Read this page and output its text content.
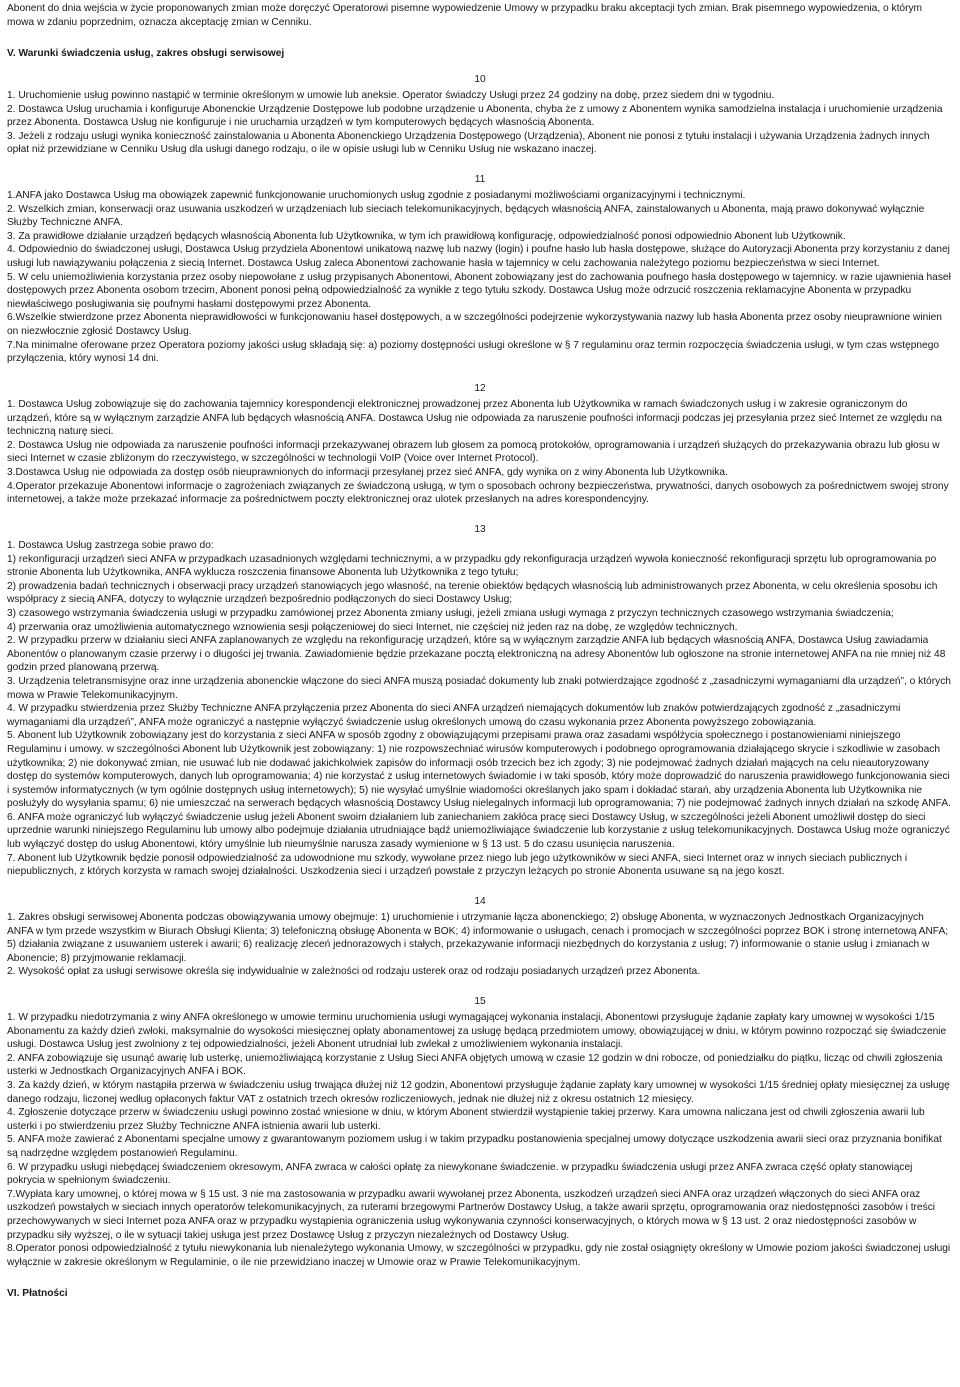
Abonent do dnia wejścia w życie proponowanych zmian może doręczyć Operatorowi pisemne wypowiedzenie Umowy w przypadku braku akceptacji tych zmian. Brak pisemnego wypowiedzenia, o którym mowa w zdaniu poprzednim, oznacza akceptację zmian w Cenniku.

V. Warunki świadczenia usług, zakres obsługi serwisowej
10

1. Uruchomienie usług powinno nastąpić w terminie określonym w umowie lub aneksie. Operator świadczy Usługi przez 24 godziny na dobę, przez siedem dni w tygodniu.

2. Dostawca Usług uruchamia i konfiguruje Abonenckie Urządzenie Dostępowe lub podobne urządzenie u Abonenta, chyba że z umowy z Abonentem wynika samodzielna instalacja i uruchomienie urządzenia przez Abonenta. Dostawca Usług nie konfiguruje i nie uruchamia urządzeń w tym komputerowych będących własnością Abonenta.

3. Jeżeli z rodzaju usługi wynika konieczność zainstalowania u Abonenta Abonenckiego Urządzenia Dostępowego (Urządzenia), Abonent nie ponosi z tytułu instalacji i używania Urządzenia żadnych innych opłat niż przewidziane w Cenniku Usług dla usługi danego rodzaju, o ile w opisie usługi lub w Cenniku Usług nie wskazano inaczej.

11

1.ANFA jako Dostawca Usług ma obowiązek zapewnić funkcjonowanie uruchomionych usług zgodnie z posiadanymi możliwościami organizacyjnymi i technicznymi.

2. Wszelkich zmian, konserwacji oraz usuwania uszkodzeń w urządzeniach lub sieciach telekomunikacyjnych, będących własnością ANFA, zainstalowanych u Abonenta, mają prawo dokonywać wyłącznie Służby Techniczne ANFA.

3. Za prawidłowe działanie urządzeń będących własnością Abonenta lub Użytkownika, w tym ich prawidłową konfigurację, odpowiedzialność ponosi odpowiednio Abonent lub Użytkownik.

4. Odpowiednio do świadczonej usługi, Dostawca Usług przydziela Abonentowi unikatową nazwę lub nazwy (login) i poufne hasło lub hasła dostępowe, służące do Autoryzacji Abonenta przy korzystaniu z danej usługi lub nawiązywaniu połączenia z siecią Internet. Dostawca Usług zaleca Abonentowi zachowanie hasła w tajemnicy w celu zachowania należytego poziomu bezpieczeństwa w sieci Internet.

5. W celu uniemożliwienia korzystania przez osoby niepowołane z usług przypisanych Abonentowi, Abonent zobowiązany jest do zachowania poufnego hasła dostępowego w tajemnicy. w razie ujawnienia haseł dostępowych przez Abonenta osobom trzecim, Abonent ponosi pełną odpowiedzialność za wynikłe z tego tytułu szkody. Dostawca Usług może odrzucić roszczenia reklamacyjne Abonenta w przypadku niewłaściwego posługiwania się poufnymi hasłami dostępowymi przez Abonenta.

6.Wszelkie stwierdzone przez Abonenta nieprawidłowości w funkcjonowaniu haseł dostępowych, a w szczególności podejrzenie wykorzystywania nazwy lub hasła Abonenta przez osoby nieuprawnione winien on niezwłocznie zgłosić Dostawcy Usług.

7.Na minimalne oferowane przez Operatora poziomy jakości usług składają się: a) poziomy dostępności usługi określone w § 7 regulaminu oraz termin rozpoczęcia świadczenia usługi, w tym czas wstępnego przyłączenia, który wynosi 14 dni.

12

1. Dostawca Usług zobowiązuje się do zachowania tajemnicy korespondencji elektronicznej prowadzonej przez Abonenta lub Użytkownika w ramach świadczonych usług i w zakresie ograniczonym do urządzeń, które są w wyłącznym zarządzie ANFA lub będących własnością ANFA. Dostawca Usług nie odpowiada za naruszenie poufności informacji podczas jej przesyłania przez sieć Internet ze względu na techniczną naturę sieci.

2. Dostawca Usług nie odpowiada za naruszenie poufności informacji przekazywanej obrazem lub głosem za pomocą protokołów, oprogramowania i urządzeń służących do przekazywania obrazu lub głosu w sieci Internet w czasie zbliżonym do rzeczywistego, w szczególności w technologii VoIP (Voice over Internet Protocol).

3.Dostawca Usług nie odpowiada za dostęp osób nieuprawnionych do informacji przesyłanej przez sieć ANFA, gdy wynika on z winy Abonenta lub Użytkownika.

4.Operator przekazuje Abonentowi informacje o zagrożeniach związanych ze świadczoną usługą, w tym o sposobach ochrony bezpieczeństwa, prywatności, danych osobowych za pośrednictwem swojej strony internetowej, a także może przekazać informacje za pośrednictwem poczty elektronicznej oraz ulotek przesłanych na adres korespondencyjny.

13

1. Dostawca Usług zastrzega sobie prawo do:

1) rekonfiguracji urządzeń sieci ANFA w przypadkach uzasadnionych względami technicznymi, a w przypadku gdy rekonfiguracja urządzeń wywoła konieczność rekonfiguracji sprzętu lub oprogramowania po stronie Abonenta lub Użytkownika, ANFA wyklucza roszczenia finansowe Abonenta lub Użytkownika z tego tytułu;

2) prowadzenia badań technicznych i obserwacji pracy urządzeń stanowiących jego własność, na terenie obiektów będących własnością lub administrowanych przez Abonenta, w celu określenia sposobu ich współpracy z siecią ANFA, dotyczy to wyłącznie urządzeń bezpośrednio podłączonych do sieci Dostawcy Usług;

3) czasowego wstrzymania świadczenia usługi w przypadku zamówionej przez Abonenta zmiany usługi, jeżeli zmiana usługi wymaga z przyczyn technicznych czasowego wstrzymania świadczenia;

4) przerwania oraz umożliwienia automatycznego wznowienia sesji połączeniowej do sieci Internet, nie częściej niż jeden raz na dobę, ze względów technicznych.

2. W przypadku przerw w działaniu sieci ANFA zaplanowanych ze względu na rekonfigurację urządzeń, które są w wyłącznym zarządzie ANFA lub będących własnością ANFA, Dostawca Usług zawiadamia Abonentów o planowanym czasie przerwy i o długości jej trwania. Zawiadomienie będzie przekazane pocztą elektroniczną na adresy Abonentów lub ogłoszone na stronie internetowej ANFA na nie mniej niż 48 godzin przed planowaną przerwą.

3. Urządzenia teletransmisyjne oraz inne urządzenia abonenckie włączone do sieci ANFA muszą posiadać dokumenty lub znaki potwierdzające zgodność z „zasadniczymi wymaganiami dla urządzeń”, o których mowa w Prawie Telekomunikacyjnym.

4. W przypadku stwierdzenia przez Służby Techniczne ANFA przyłączenia przez Abonenta do sieci ANFA urządzeń niemających dokumentów lub znaków potwierdzających zgodność z „zasadniczymi wymaganiami dla urządzeń”, ANFA może ograniczyć a następnie wyłączyć świadczenie usług określonych umową do czasu wykonania przez Abonenta powyższego zobowiązania.

5. Abonent lub Użytkownik zobowiązany jest do korzystania z sieci ANFA w sposób zgodny z obowiązującymi przepisami prawa oraz zasadami współżycia społecznego i postanowieniami niniejszego Regulaminu i umowy. w szczególności Abonent lub Użytkownik jest zobowiązany: 1) nie rozpowszechniać wirusów komputerowych i podobnego oprogramowania działającego skrycie i szkodliwie w zasobach użytkownika; 2) nie dokonywać zmian, nie usuwać lub nie dodawać jakichkolwiek zapisów do informacji osób trzecich bez ich zgody; 3) nie podejmować żadnych działań mających na celu nieautoryzowany dostęp do systemów komputerowych, danych lub oprogramowania; 4) nie korzystać z usług internetowych świadomie i w taki sposób, który może doprowadzić do naruszenia prawidłowego funkcjonowania sieci i systemów informatycznych (w tym ogólnie dostępnych usług internetowych); 5) nie wysyłać umyślnie wiadomości określanych jako spam i dokładać starań, aby urządzenia Abonenta lub Użytkownika nie posłużyły do wysyłania spamu; 6) nie umieszczać na serwerach będących własnością Dostawcy Usług nielegalnych informacji lub oprogramowania; 7) nie podejmować żadnych innych działań na szkodę ANFA.

6. ANFA może ograniczyć lub wyłączyć świadczenie usług jeżeli Abonent swoim działaniem lub zaniechaniem zakłóca pracę sieci Dostawcy Usług, w szczególności jeżeli Abonent umożliwił dostęp do sieci uprzednie warunki niniejszego Regulaminu lub umowy albo podejmuje działania utrudniające bądź uniemożliwiające świadczenie lub korzystanie z usług telekomunikacyjnych. Dostawca Usług może ograniczyć lub wyłączyć dostęp do usług Abonentowi, który umyślnie lub nieumyślnie narusza zasady wymienione w § 13 ust. 5 do czasu usunięcia naruszenia.

7. Abonent lub Użytkownik będzie ponosił odpowiedzialność za udowodnione mu szkody, wywołane przez niego lub jego użytkowników w sieci ANFA, sieci Internet oraz w innych sieciach publicznych i niepublicznych, z których korzysta w ramach swojej działalności. Uszkodzenia sieci i urządzeń powstałe z przyczyn leżących po stronie Abonenta usuwane są na jego koszt.

14

1. Zakres obsługi serwisowej Abonenta podczas obowiązywania umowy obejmuje: 1) uruchomienie i utrzymanie łącza abonenckiego; 2) obsługę Abonenta, w wyznaczonych Jednostkach Organizacyjnych ANFA w tym przede wszystkim w Biurach Obsługi Klienta; 3) telefoniczną obsługę Abonenta w BOK; 4) informowanie o usługach, cenach i promocjach w szczególności poprzez BOK i stronę internetową ANFA; 5) działania związane z usuwaniem usterek i awarii; 6) realizację zleceń jednorazowych i stałych, przekazywanie informacji niezbędnych do korzystania z usług; 7) informowanie o stanie usług i zmianach w Abonencie; 8) przyjmowanie reklamacji.

2. Wysokość opłat za usługi serwisowe określa się indywidualnie w zależności od rodzaju usterek oraz od rodzaju posiadanych urządzeń przez Abonenta.

15

1. W przypadku niedotrzymania z winy ANFA określonego w umowie terminu uruchomienia usługi wymagającej wykonania instalacji, Abonentowi przysługuje żądanie zapłaty kary umownej w wysokości 1/15 Abonamentu za każdy dzień zwłoki, maksymalnie do wysokości miesięcznej opłaty abonamentowej za usługę będącą przedmiotem umowy, obowiązującej w dniu, w którym powinno rozpocząć się świadczenie usługi. Dostawca Usług jest zwolniony z tej odpowiedzialności, jeżeli Abonent utrudniał lub zwlekał z umożliwieniem wykonania instalacji.

2. ANFA zobowiązuje się usunąć awarię lub usterkę, uniemożliwiającą korzystanie z Usług Sieci ANFA objętych umową w czasie 12 godzin w dni robocze, od poniedziałku do piątku, licząc od chwili zgłoszenia usterki w Jednostkach Organizacyjnych ANFA i BOK.

3. Za każdy dzień, w którym nastąpiła przerwa w świadczeniu usług trwająca dłużej niż 12 godzin, Abonentowi przysługuje żądanie zapłaty kary umownej w wysokości 1/15 średniej opłaty miesięcznej za usługę danego rodzaju, liczonej według opłaconych faktur VAT z ostatnich trzech okresów rozliczeniowych, jednak nie dłużej niż z okresu ostatnich 12 miesięcy.

4. Zgłoszenie dotyczące przerw w świadczeniu usługi powinno zostać wniesione w dniu, w którym Abonent stwierdził wystąpienie takiej przerwy. Kara umowna naliczana jest od chwili zgłoszenia awarii lub usterki i po stwierdzeniu przez Służby Techniczne ANFA istnienia awarii lub usterki.

5. ANFA może zawierać z Abonentami specjalne umowy z gwarantowanym poziomem usług i w takim przypadku postanowienia specjalnej umowy dotyczące uszkodzenia awarii sieci oraz przyznania bonifikat są nadrzędne względem postanowień Regulaminu.

6. W przypadku usługi niebędącej świadczeniem okresowym, ANFA zwraca w całości opłatę za niewykonane świadczenie. w przypadku świadczenia usługi przez ANFA zwraca część opłaty stanowiącej pokrycia w spełnionym świadczeniu.

7.Wypłata kary umownej, o której mowa w § 15 ust. 3 nie ma zastosowania w przypadku awarii wywołanej przez Abonenta, uszkodzeń urządzeń sieci ANFA oraz urządzeń włączonych do sieci ANFA oraz uszkodzeń powstałych w sieciach innych operatorów telekomunikacyjnych, za ruterami brzegowymi Partnerów Dostawcy Usług, a także awarii sprzętu, oprogramowania oraz niedostępności zasobów i treści przechowywanych w sieci Internet poza ANFA oraz w przypadku wystąpienia ograniczenia usług wykonywania czynności konserwacyjnych, o których mowa w § 13 ust. 2 oraz niedostępności zasobów w przypadku siły wyższej, o ile w sytuacji takiej usługa jest przez Dostawcę Usług z przyczyn niezależnych od Dostawcy Usług.

8.Operator ponosi odpowiedzialność z tytułu niewykonania lub nienależytego wykonania Umowy, w szczególności w przypadku, gdy nie został osiągnięty określony w Umowie poziom jakości świadczonej usługi wyłącznie w zakresie określonym w Regulaminie, o ile nie przewidziano inaczej w Umowie oraz w Prawie Telekomunikacyjnym.

VI. Płatności
